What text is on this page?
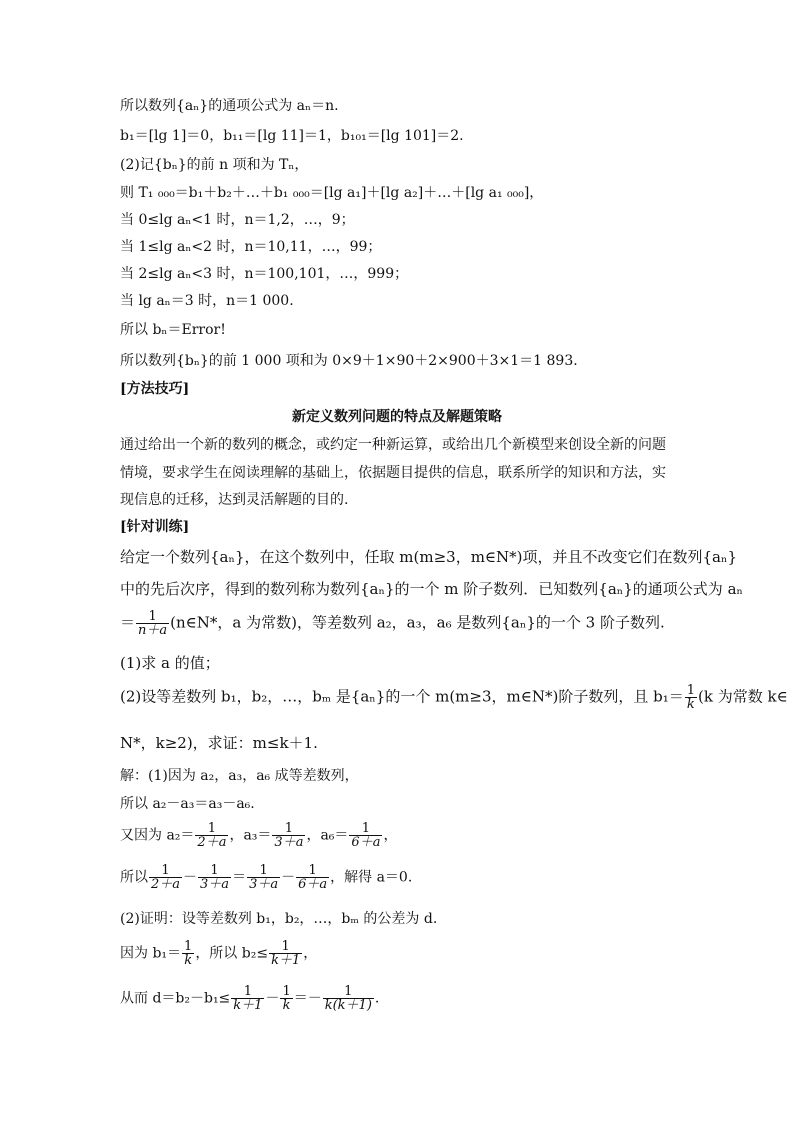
所以数列{aₙ}的通项公式为 aₙ＝n.
b₁＝[lg 1]＝0，b₁₁＝[lg 11]＝1，b₁₀₁＝[lg 101]＝2.
(2)记{bₙ}的前 n 项和为 Tₙ，
则 T₁ ₀₀₀＝b₁＋b₂＋…＋b₁ ₀₀₀＝[lg a₁]＋[lg a₂]＋…＋[lg a₁ ₀₀₀]，
当 0≤lg aₙ<1 时，n＝1,2，…，9；
当 1≤lg aₙ<2 时，n＝10,11，…，99；
当 2≤lg aₙ<3 时，n＝100,101，…，999；
当 lg aₙ＝3 时，n＝1 000.
所以 bₙ＝Error!
所以数列{bₙ}的前 1 000 项和为 0×9＋1×90＋2×900＋3×1＝1 893.
[方法技巧]
新定义数列问题的特点及解题策略
通过给出一个新的数列的概念，或约定一种新运算，或给出几个新模型来创设全新的问题
情境，要求学生在阅读理解的基础上，依据题目提供的信息，联系所学的知识和方法，实
现信息的迁移，达到灵活解题的目的.
[针对训练]
给定一个数列{aₙ}，在这个数列中，任取 m(m≥3，m∈N*)项，并且不改变它们在数列{aₙ}
中的先后次序，得到的数列称为数列{aₙ}的一个 m 阶子数列．已知数列{aₙ}的通项公式为 aₙ
＝ $\frac{1}{n+a}$ (n∈N*，a 为常数)，等差数列 a₂，a₃，a₆ 是数列{aₙ}的一个 3 阶子数列.
(1)求 a 的值；
(2)设等差数列 b₁，b₂，…，bₘ 是{aₙ}的一个 m(m≥3，m∈N*)阶子数列，且 $b_1= \frac{1}{k} (k$ 为常数 k∈
N*，k≥2)，求证：m≤k＋1.
解：(1)因为 a₂，a₃，a₆ 成等差数列，
所以 a₂－a₃＝a₃－a₆.
又因为 $a_2= \frac{1}{2+a}$ ，$a_3= \frac{1}{3+a}$ ，$a_6= \frac{1}{6+a}$ ，
所以 $\frac{1}{2+a} - \frac{1}{3+a} = \frac{1}{3+a} - \frac{1}{6+a}$ ，解得 a＝0.
(2)证明：设等差数列 b₁，b₂，…，bₘ 的公差为 d.
因为 $b_1= \frac{1}{k}$ ，所以 $b_2\le \frac{1}{k+1}$ ，
从而 $d=b_2-b_1\le \frac{1}{k+1} - \frac{1}{k} =- \frac{1}{k(k+1)}$ .
